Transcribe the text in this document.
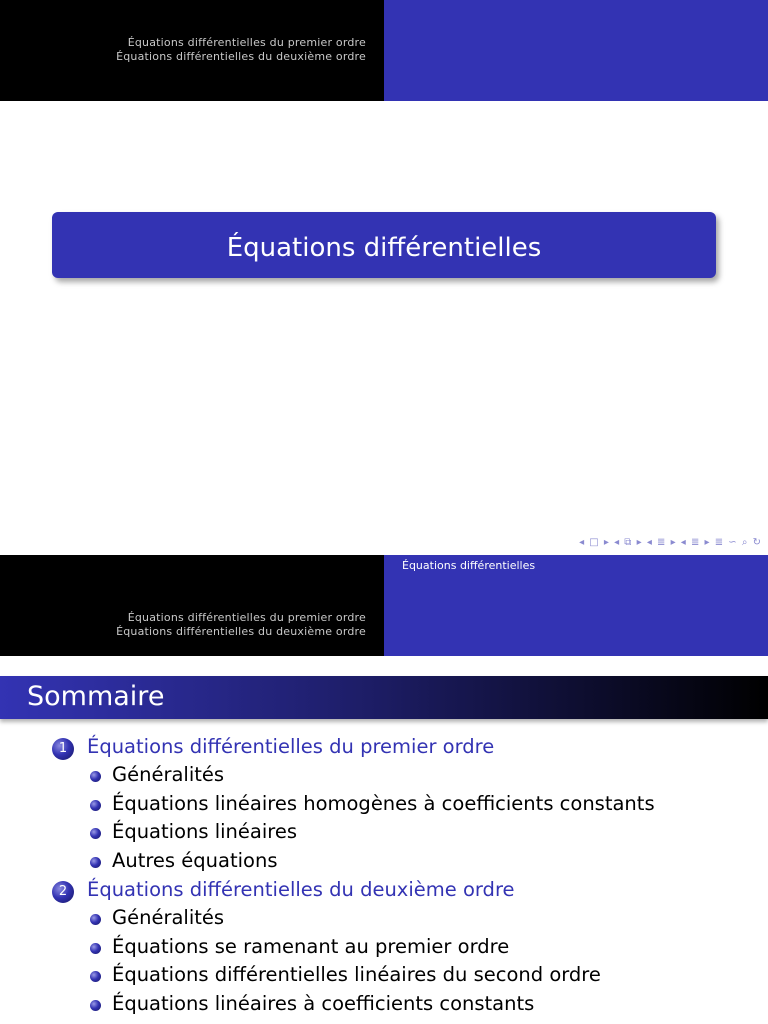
Équations différentielles du premier ordre
Équations différentielles du deuxième ordre
Équations différentielles
◂ □ ▸ ◂ ⧉ ▸ ◂ ≣ ▸ ◂ ≣ ▸ ≣ ∽ ⌕ ↻
Équations différentielles du premier ordre
Équations différentielles du deuxième ordre
Équations différentielles
Sommaire
1	Équations différentielles du premier ordre
Généralités
Équations linéaires homogènes à coefficients constants
Équations linéaires
Autres équations
2	Équations différentielles du deuxième ordre
Généralités
Équations se ramenant au premier ordre
Équations différentielles linéaires du second ordre
Équations linéaires à coefficients constants
